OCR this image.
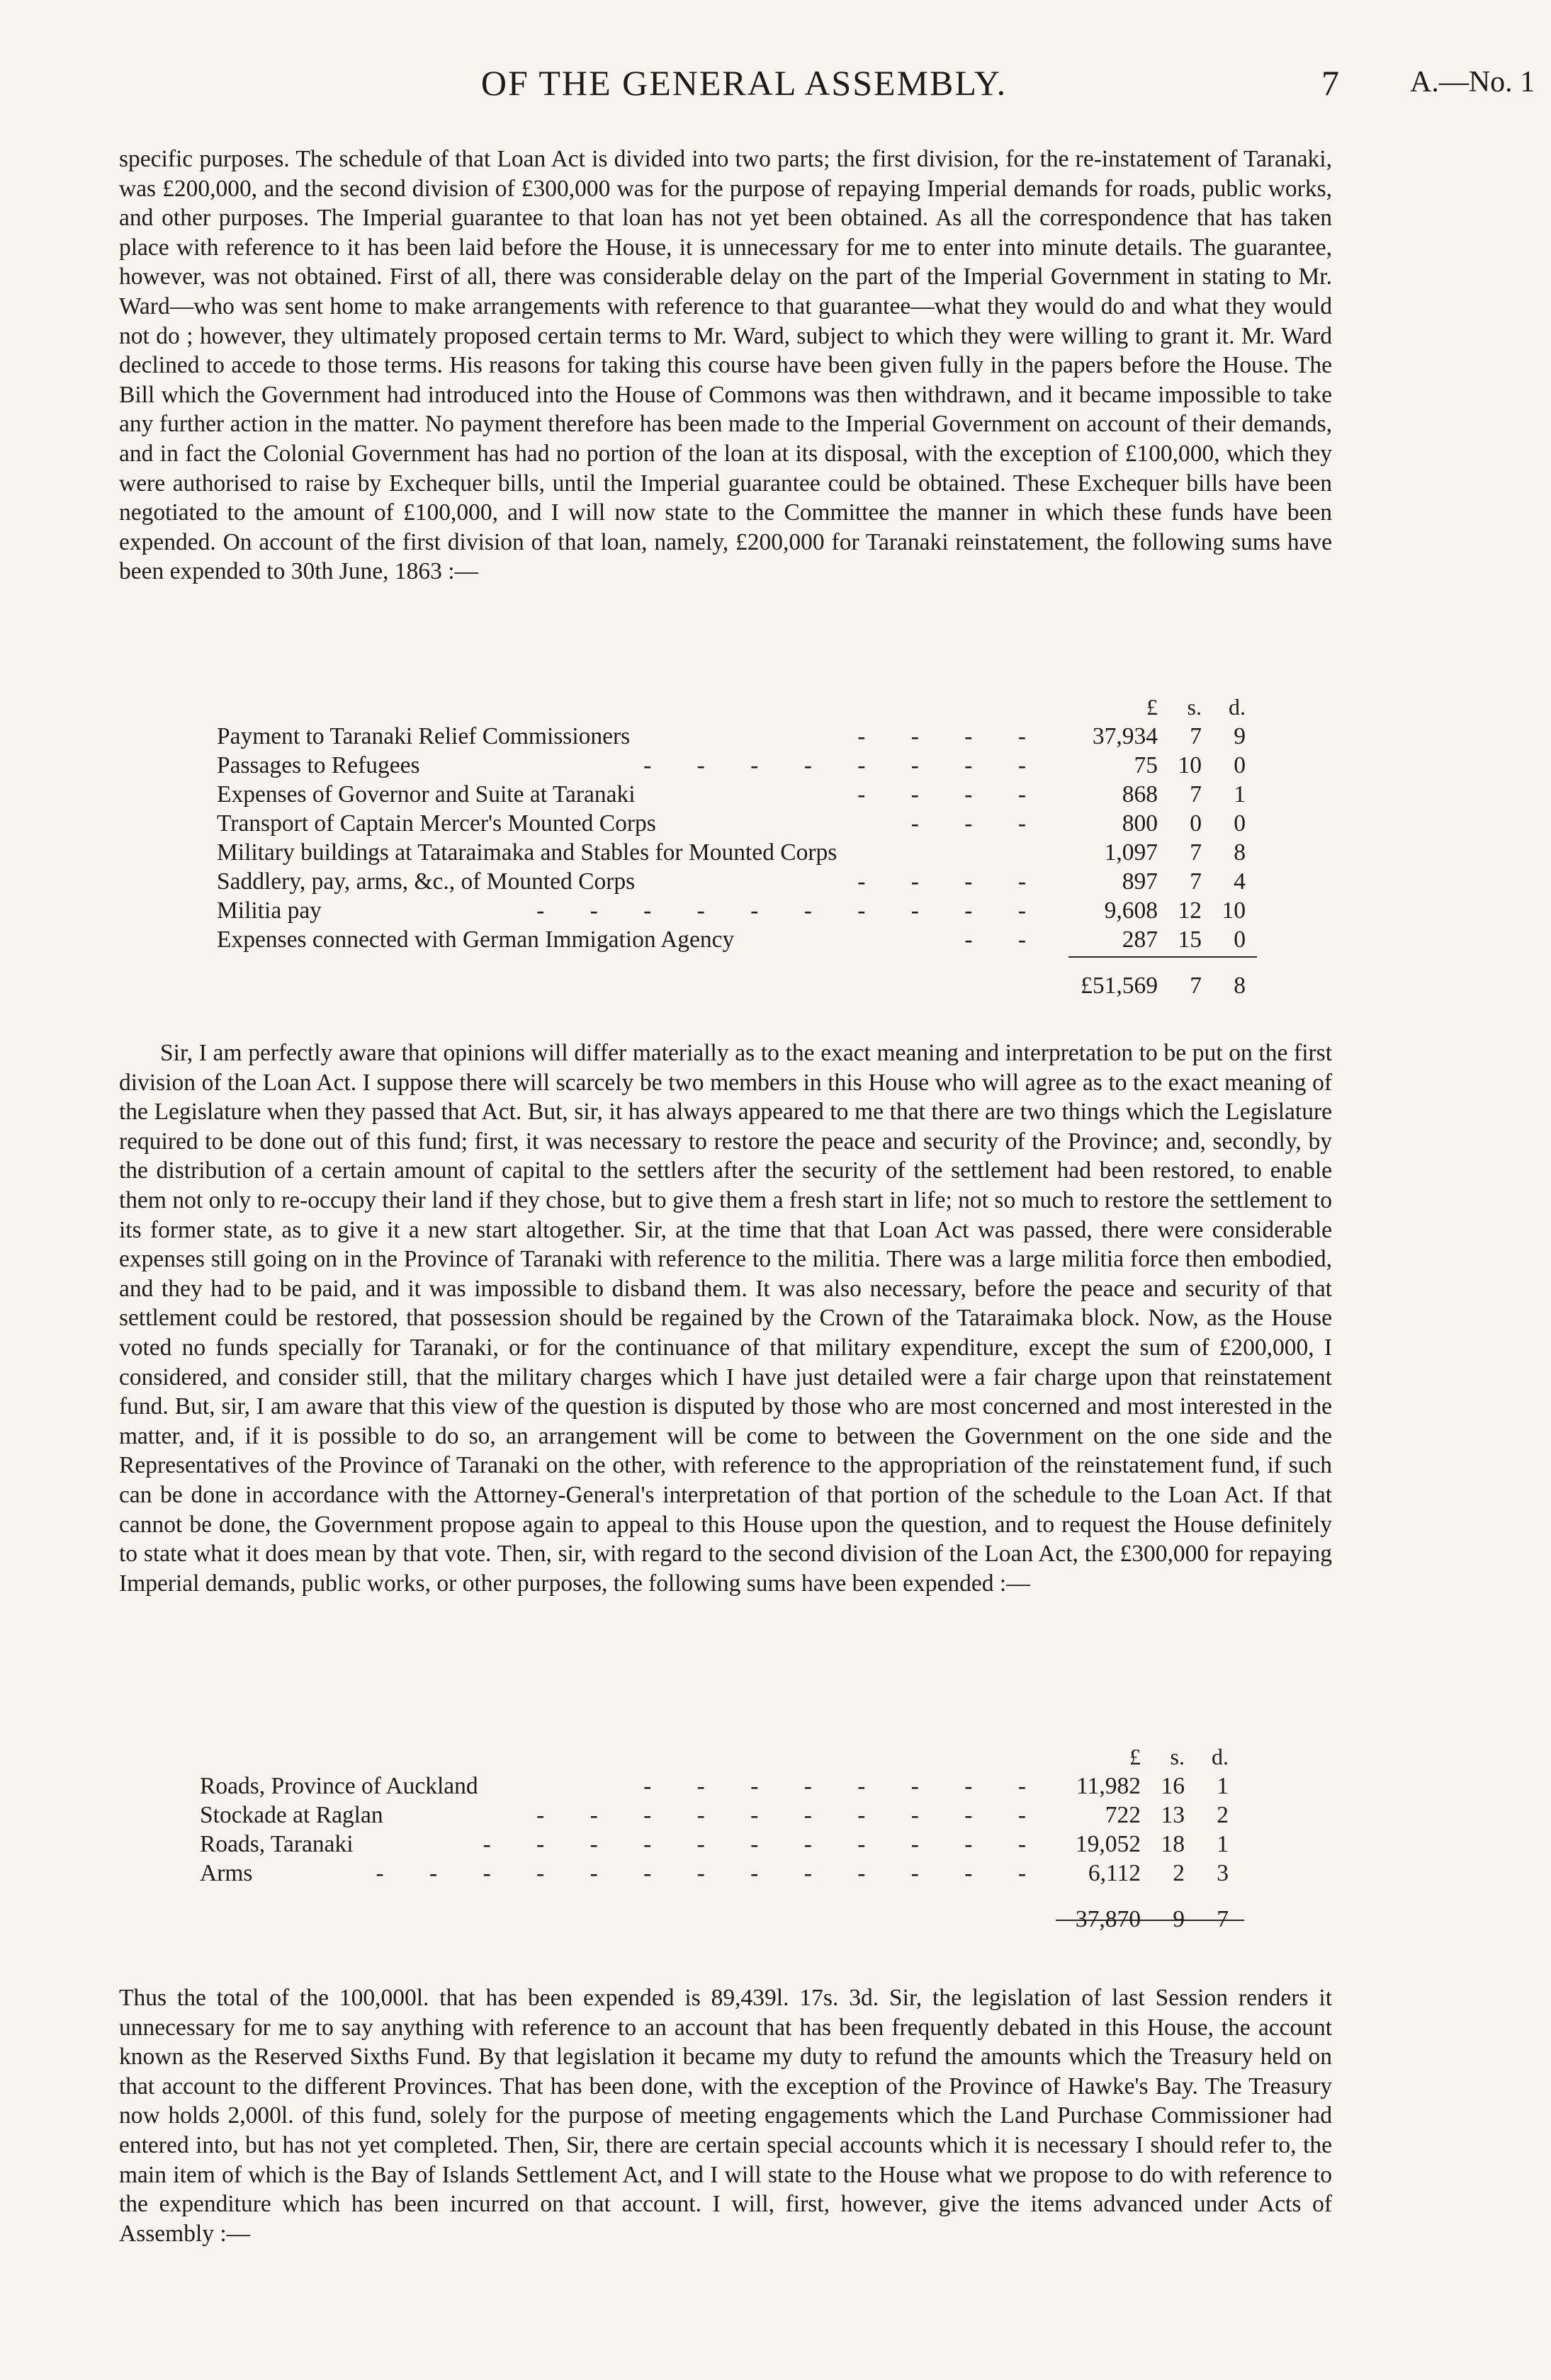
OF THE GENERAL ASSEMBLY.	7 A.—No. 1

specific purposes. The schedule of that Loan Act is divided into two parts; the first division, for the re-instatement of Taranaki, was £200,000, and the second division of £300,000 was for the purpose of repaying Imperial demands for roads, public works, and other purposes. The Imperial guarantee to that loan has not yet been obtained. As all the correspondence that has taken place with reference to it has been laid before the House, it is unnecessary for me to enter into minute details. The guarantee, however, was not obtained. First of all, there was considerable delay on the part of the Imperial Government in stating to Mr. Ward—who was sent home to make arrangements with reference to that guarantee—what they would do and what they would not do ; however, they ultimately proposed certain terms to Mr. Ward, subject to which they were willing to grant it. Mr. Ward declined to accede to those terms. His reasons for taking this course have been given fully in the papers before the House. The Bill which the Government had introduced into the House of Commons was then withdrawn, and it became impossible to take any further action in the matter. No payment therefore has been made to the Imperial Government on account of their demands, and in fact the Colonial Government has had no portion of the loan at its disposal, with the exception of £100,000, which they were authorised to raise by Exchequer bills, until the Imperial guarantee could be obtained. These Exchequer bills have been negotiated to the amount of £100,000, and I will now state to the Committee the manner in which these funds have been expended. On account of the first division of that loan, namely, £200,000 for Taranaki reinstatement, the following sums have been expended to 30th June, 1863 :—

£ s. d.
Payment to Taranaki Relief Commissioners	- - - -	37,934 7 9
Passages to Refugees	- - - - - - - -	75 10 0
Expenses of Governor and Suite at Taranaki	- - - -	868 7 1
Transport of Captain Mercer's Mounted Corps	- - -	800 0 0
Military buildings at Tataraimaka and Stables for Mounted Corps	1,097 7 8
Saddlery, pay, arms, &c., of Mounted Corps	- - - -	897 7 4
Militia pay	- - - - - - - - - -	9,608 12 10
Expenses connected with German Immigation Agency	- -	287 15 0
£51,569 7 8

Sir, I am perfectly aware that opinions will differ materially as to the exact meaning and interpretation to be put on the first division of the Loan Act. I suppose there will scarcely be two members in this House who will agree as to the exact meaning of the Legislature when they passed that Act. But, sir, it has always appeared to me that there are two things which the Legislature required to be done out of this fund; first, it was necessary to restore the peace and security of the Province; and, secondly, by the distribution of a certain amount of capital to the settlers after the security of the settlement had been restored, to enable them not only to re-occupy their land if they chose, but to give them a fresh start in life; not so much to restore the settlement to its former state, as to give it a new start altogether. Sir, at the time that that Loan Act was passed, there were considerable expenses still going on in the Province of Taranaki with reference to the militia. There was a large militia force then embodied, and they had to be paid, and it was impossible to disband them. It was also necessary, before the peace and security of that settlement could be restored, that possession should be regained by the Crown of the Tataraimaka block. Now, as the House voted no funds specially for Taranaki, or for the continuance of that military expenditure, except the sum of £200,000, I considered, and consider still, that the military charges which I have just detailed were a fair charge upon that reinstatement fund. But, sir, I am aware that this view of the question is disputed by those who are most concerned and most interested in the matter, and, if it is possible to do so, an arrangement will be come to between the Government on the one side and the Representatives of the Province of Taranaki on the other, with reference to the appropriation of the reinstatement fund, if such can be done in accordance with the Attorney-General's interpretation of that portion of the schedule to the Loan Act. If that cannot be done, the Government propose again to appeal to this House upon the question, and to request the House definitely to state what it does mean by that vote. Then, sir, with regard to the second division of the Loan Act, the £300,000 for repaying Imperial demands, public works, or other purposes, the following sums have been expended :—

£ s. d.
Roads, Province of Auckland	- - - - - - - -	11,982 16 1
Stockade at Raglan	- - - - - - - - - -	722 13 2
Roads, Taranaki	- - - - - - - - - - -	19,052 18 1
Arms	- - - - - - - - - - - - -	6,112 2 3
37,870 9 7

Thus the total of the 100,000l. that has been expended is 89,439l. 17s. 3d. Sir, the legislation of last Session renders it unnecessary for me to say anything with reference to an account that has been frequently debated in this House, the account known as the Reserved Sixths Fund. By that legislation it became my duty to refund the amounts which the Treasury held on that account to the different Provinces. That has been done, with the exception of the Province of Hawke's Bay. The Treasury now holds 2,000l. of this fund, solely for the purpose of meeting engagements which the Land Purchase Commissioner had entered into, but has not yet completed. Then, Sir, there are certain special accounts which it is necessary I should refer to, the main item of which is the Bay of Islands Settlement Act, and I will state to the House what we propose to do with reference to the expenditure which has been incurred on that account. I will, first, however, give the items advanced under Acts of Assembly :—
